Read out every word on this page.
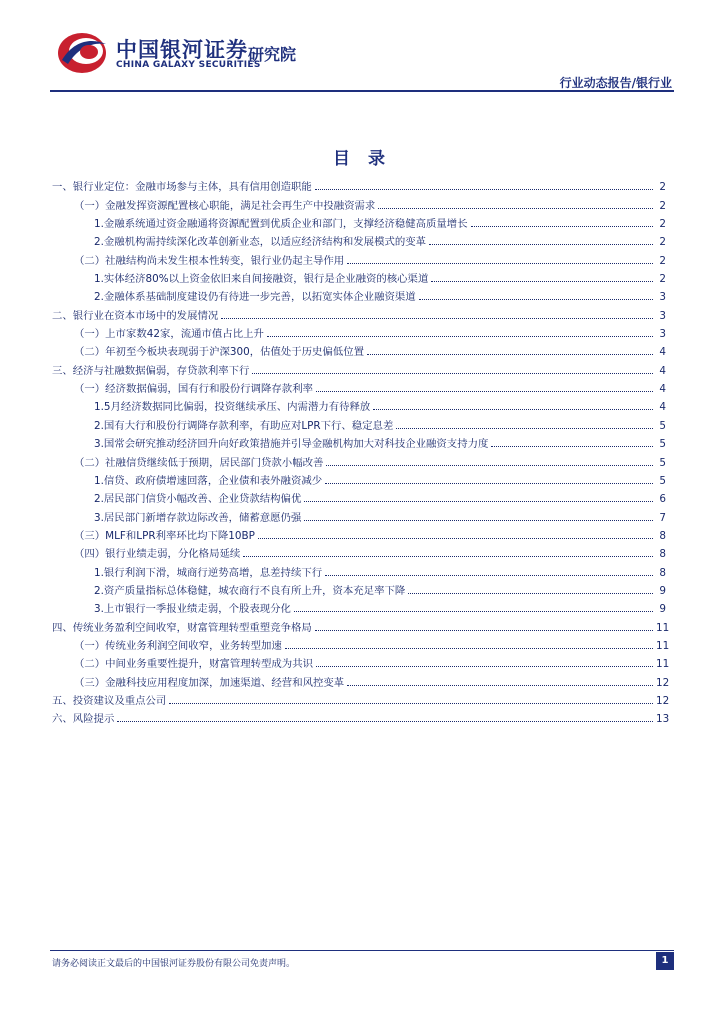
中国银河证券
CHINA GALAXY SECURITIES
研究院
行业动态报告/银行业
目 录
一、银行业定位：金融市场参与主体，具有信用创造职能	2
（一）金融发挥资源配置核心职能，满足社会再生产中投融资需求	2
1.金融系统通过资金融通将资源配置到优质企业和部门，支撑经济稳健高质量增长	2
2.金融机构需持续深化改革创新业态，以适应经济结构和发展模式的变革	2
（二）社融结构尚未发生根本性转变，银行业仍起主导作用	2
1.实体经济80%以上资金依旧来自间接融资，银行是企业融资的核心渠道	2
2.金融体系基础制度建设仍有待进一步完善，以拓宽实体企业融资渠道	3
二、银行业在资本市场中的发展情况	3
（一）上市家数42家，流通市值占比上升	3
（二）年初至今板块表现弱于沪深300，估值处于历史偏低位置	4
三、经济与社融数据偏弱，存贷款利率下行	4
（一）经济数据偏弱，国有行和股份行调降存款利率	4
1.5月经济数据同比偏弱，投资继续承压、内需潜力有待释放	4
2.国有大行和股份行调降存款利率，有助应对LPR下行、稳定息差	5
3.国常会研究推动经济回升向好政策措施并引导金融机构加大对科技企业融资支持力度	5
（二）社融信贷继续低于预期，居民部门贷款小幅改善	5
1.信贷、政府债增速回落，企业债和表外融资减少	5
2.居民部门信贷小幅改善、企业贷款结构偏优	6
3.居民部门新增存款边际改善，储蓄意愿仍强	7
（三）MLF和LPR利率环比均下降10BP	8
（四）银行业绩走弱，分化格局延续	8
1.银行利润下滑，城商行逆势高增，息差持续下行	8
2.资产质量指标总体稳健，城农商行不良有所上升，资本充足率下降	9
3.上市银行一季报业绩走弱，个股表现分化	9
四、传统业务盈利空间收窄，财富管理转型重塑竞争格局	11
（一）传统业务利润空间收窄，业务转型加速	11
（二）中间业务重要性提升，财富管理转型成为共识	11
（三）金融科技应用程度加深，加速渠道、经营和风控变革	12
五、投资建议及重点公司	12
六、风险提示	13
请务必阅读正文最后的中国银河证券股份有限公司免责声明。	1
